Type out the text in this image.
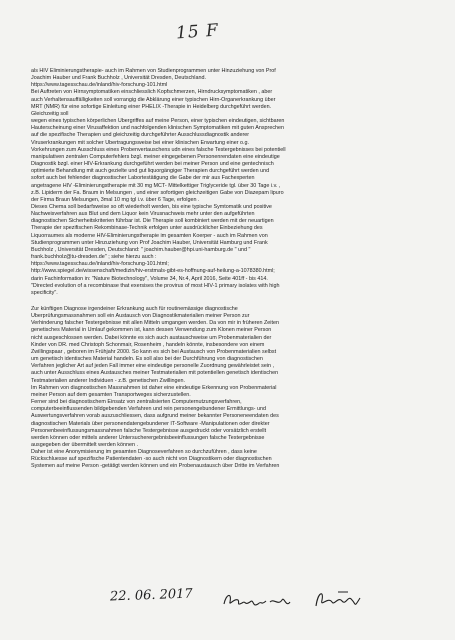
15 F
als HIV Eliminierungstherapie- auch im Rahmen von Studienprogrammen unter Hinzuziehung von Prof
Joachim Hauber und Frank Buchholz , Universität Dresden, Deutschland.
https://www.tagesschau.de/inland/hiv-forschung-101.html
Bei Auftreten von Hirnsymptomatiken einschliesslich Kopfschmerzen, Hirndrucksymptomatiken , aber
auch Verhaltensauffälligkeiten soll vorrangig die Abklärung einer typischen Hirn-Organerkrankung über
MRT (NMR) für eine sofortige Einleitung einer PHELIX -Therapie in Heidelberg durchgeführt werden.
Gleichzeitig soll
wegen eines typischen körperlichen Übergriffes auf meine Person, einer typischen eindeutigen, sichtbaren
Hauterscheinung einer Virusaffektion und nachfolgenden klinischen Symptomatiken mit guten Ansprechen
auf die spezifische Therapien und gleichzeitig durchgeführter Ausschlussdiagnostik anderer
Viruserkrankungen mit solcher Übertragungsweise bei einer klinischen Erwartung einer o.g.
Vorkehrungen zum Ausschluss eines Probenvertauschens udn eines falsche Testergebnisses bei potentiell
manipulativen zentralen Computerfehlers bzgl. meiner eingegebenen Personenrendaten eine eindeutige
Diagnostik bzgl. einer HIV-Erkrankung durchgeführt werden bei meiner Person und eine gentechnisch
optimierte Behandlung mit auch gezielte und gut liquorgängiger Therapien durchgeführt werden und
sofort auch bei fehlender diagnostischer Labortestätigung die Gabe der mir aus Fachexperten
angetragene HIV -Eliminierungstherapie mit 30 mg MCT- Mittelkettiger Triglyceride tgl. über 30 Tage i.v. ,
z.B. Lipiderm der Fa. Braum in Melsungen , und einer sofortigen gleichzeitigen Gabe von Diazepam lipuro
der Firma Braun Melsungen, 3mal 10 mg tgl i.v. über 6 Tage, erfolgen .
Dieses Chema soll bedarfsweise so oft wiederholt werden, bis eine typische Symtomatik und positive
Nachweisverfahren aus Blut und dem Liquor kein Virusnachweis mehr unter den aufgeführten
diagnostischen Sicherheitskriterien führbar ist. Die Therapie soll kombiniert werden mit der neuartigen
Therapie der spezifischen Rekombinase-Technik erfolgen unter ausdrücklicher Einbeziehung des
Liquorraumes als moderne HIV-Eliminierungstherapie im gesamten Koerper - auch im Rahmen von
Studienprogrammen unter Hinzuziehung von Prof Joachim Hauber, Universität Hamburg und Frank
Buchholz , Universität Dresden, Deutschland: " joachim.hauber@hpi.uni-hamburg.de " und "
frank.buchholz@tu-dresden.de" ; siehe hierzu auch :
https://www.tagesschau.de/inland/hiv-forschung-101.html;
http://www.spiegel.de/wissenschaft/medizin/hiv-erstmals-gibt-es-hoffnung-auf-heilung-a-1078380.html;
darin Fachinformation in: "Nature Biotechnology", Volume 34, Nr.4, April 2016, Seite 401ff - bis 414.
"Directed evolution of a recombinase that exersises the provirus of most HIV-1 primary isolates with high
specificity".
Zur künftigen Diagnose irgendeiner Erkrankung auch für routinemässige diagnostische
Überprüfungsmassnahmen soll ein Austausch von Diagnostikmaterialien meiner Person zur
Verhinderung falscher Testergebnisse mit allen Mitteln umgangen werden. Da von mir in früheren Zeiten
genetisches Material in Umlauf gekommen ist, kann dessen Verwendung zum Klonen meiner Person
nicht ausgeschlossen werden. Dabei könnte es sich auch austauschweise um Probenmaterialien der
Kinder von DR. med Christoph Schonmair, Rosenheim , handeln könnte, insbesondere von einem
Zwillingspaar , geboren im Frühjahr 2000. So kann es sich bei Austausch von Probenmaterialien selbst
um genetisch identisches Material handeln. Es soll also bei der Durchführung von diagnostischen
Verfahren jeglicher Art auf jeden Fall immer eine eindeutige personelle Zuordnung gewährleistet sein ,
auch unter Ausschluss eines Austausches meiner Testmaterialien mit potentiellen genetisch identischen
Testmaterialien anderer Individuen - z.B. genetischen Zwillingen.
Im Rahmen von diagnostischen Massnahmen ist daher eine eindeutige Erkennung von Probenmaterial
meiner Person auf dem gesamten Transportweges sicherzustellen.
Ferner sind bei diagnostischem Einsatz von zentralisierten Computernutzungsverfahren,
computerbeeinflussenden bildgebenden Verfahren und rein personengebundener Ermittlungs- und
Auswertungsverfahren vorab auszuschliessen, dass aufgrund meiner bekannter Personeneendaten des
diagnostischen Materials über personendatengebundener IT-Software -Manipulationen oder direkter
Personenbeeinflussungsmassnahmen falsche Testergebnisse ausgedruckt oder vorsätzlich erstellt
werden können oder mittels anderer Untersucherergebnisbeeinflussungen falsche Testergebnisse
ausgegeben der übermittelt werden können .
Daher ist eine Anonymisierung im gesamten Diagnoseverfahren so durchzuführen , dass keine
Rückschluesse auf spezifische Patientendaten -so auch nicht von Diagnostikern oder diagnostischen
Systemen auf meine Person -getätigt werden können und ein Probenaustausch über Dritte im Verfahren
22. 06. 2017
